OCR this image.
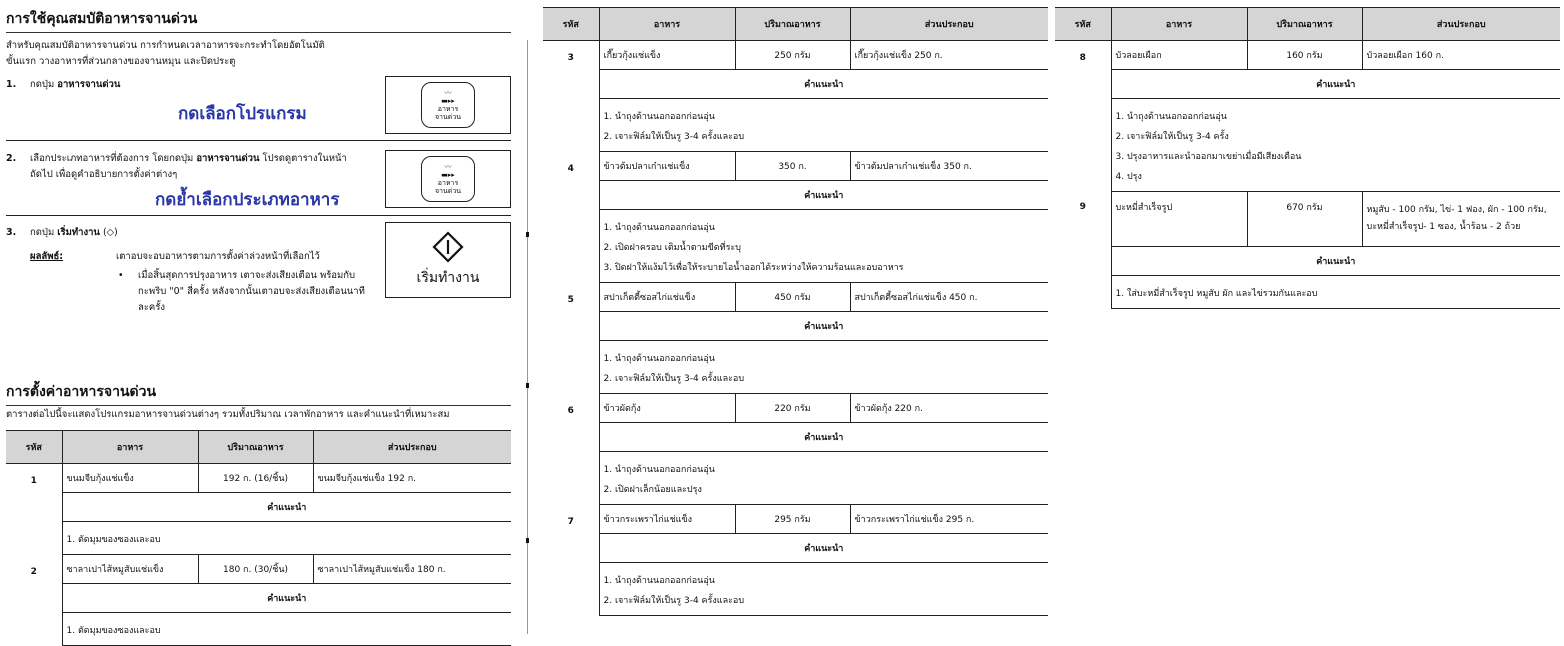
การใช้คุณสมบัติอาหารจานด่วน
สำหรับคุณสมบัติอาหารจานด่วน การกำหนดเวลาอาหารจะกระทำโดยอัตโนมัติ
ขั้นแรก วางอาหารที่ส่วนกลางของจานหมุน และปิดประตู
1. กดปุ่ม อาหารจานด่วน
กดเลือกโปรแกรม
〰
▬▸▸
อาหาร
จานด่วน
2. เลือกประเภทอาหารที่ต้องการ โดยกดปุ่ม อาหารจานด่วน โปรดดูตารางในหน้า
ถัดไป เพื่อดูคำอธิบายการตั้งค่าต่างๆ
กดย้ำเลือกประเภทอาหาร
〰
▬▸▸
อาหาร
จานด่วน
3. กดปุ่ม เริ่มทำงาน (◇)
ผลลัพธ์:	เตาอบจะอบอาหารตามการตั้งค่าล่วงหน้าที่เลือกไว้
• เมื่อสิ้นสุดการปรุงอาหาร เตาจะส่งเสียงเตือน พร้อมกับ
กะพริบ "0" สี่ครั้ง หลังจากนั้นเตาอบจะส่งเสียงเตือนนาที
ละครั้ง
เริ่มทำงาน
การตั้งค่าอาหารจานด่วน
ตารางต่อไปนี้จะแสดงโปรแกรมอาหารจานด่วนต่างๆ รวมทั้งปริมาณ เวลาพักอาหาร และคำแนะนำที่เหมาะสม
รหัส	อาหาร	ปริมาณอาหาร	ส่วนประกอบ
1	ขนมจีบกุ้งแช่แข็ง	192 ก. (16/ชิ้น)	ขนมจีบกุ้งแช่แข็ง 192 ก.

	คำแนะนำ		

	1. ตัดมุมของซองและอบ		

2	ซาลาเปาไส้หมูสับแช่แข็ง	180 ก. (30/ชิ้น)	ซาลาเปาไส้หมูสับแช่แข็ง 180 ก.

	คำแนะนำ		

	1. ตัดมุมของซองและอบ		
รหัส	อาหาร	ปริมาณอาหาร	ส่วนประกอบ
3	เกี๊ยวกุ้งแช่แข็ง	250 กรัม	เกี๊ยวกุ้งแช่แข็ง 250 ก.

	คำแนะนำ		

	1. นำถุงด้านนอกออกก่อนอุ่น
2. เจาะฟิล์มให้เป็นรู 3-4 ครั้งและอบ		

4	ข้าวต้มปลาเก๋าแช่แข็ง	350 ก.	ข้าวต้มปลาเก๋าแช่แข็ง 350 ก.

	คำแนะนำ		

	1. นำถุงด้านนอกออกก่อนอุ่น
2. เปิดฝาครอบ เติมน้ำตามขีดที่ระบุ
3. ปิดฝาให้แง้มไว้เพื่อให้ระบายไอน้ำออกได้ระหว่างให้ความร้อนและอบอาหาร		

5	สปาเก็ตตี้ซอสไก่แช่แข็ง	450 กรัม	สปาเก็ตตี้ซอสไก่แช่แข็ง 450 ก.

	คำแนะนำ		

	1. นำถุงด้านนอกออกก่อนอุ่น
2. เจาะฟิล์มให้เป็นรู 3-4 ครั้งและอบ		

6	ข้าวผัดกุ้ง	220 กรัม	ข้าวผัดกุ้ง 220 ก.

	คำแนะนำ		

	1. นำถุงด้านนอกออกก่อนอุ่น
2. เปิดฝาเล็กน้อยและปรุง		

7	ข้าวกระเพราไก่แช่แข็ง	295 กรัม	ข้าวกระเพราไก่แช่แข็ง 295 ก.

	คำแนะนำ		

	1. นำถุงด้านนอกออกก่อนอุ่น
2. เจาะฟิล์มให้เป็นรู 3-4 ครั้งและอบ		
รหัส	อาหาร	ปริมาณอาหาร	ส่วนประกอบ
8	บัวลอยเผือก	160 กรัม	บัวลอยเผือก 160 ก.

	คำแนะนำ		

	1. นำถุงด้านนอกออกก่อนอุ่น
2. เจาะฟิล์มให้เป็นรู 3-4 ครั้ง
3. ปรุงอาหารและนำออกมาเขย่าเมื่อมีเสียงเตือน
4. ปรุง		

9	บะหมี่สำเร็จรูป	670 กรัม	หมูสับ - 100 กรัม, ไข่- 1 ฟอง, ผัก - 100 กรัม,
บะหมี่สำเร็จรูป- 1 ซอง, น้ำร้อน - 2 ถ้วย

	คำแนะนำ		

	1. ใส่บะหมี่สำเร็จรูป หมูสับ ผัก และไข่รวมกันและอบ		
